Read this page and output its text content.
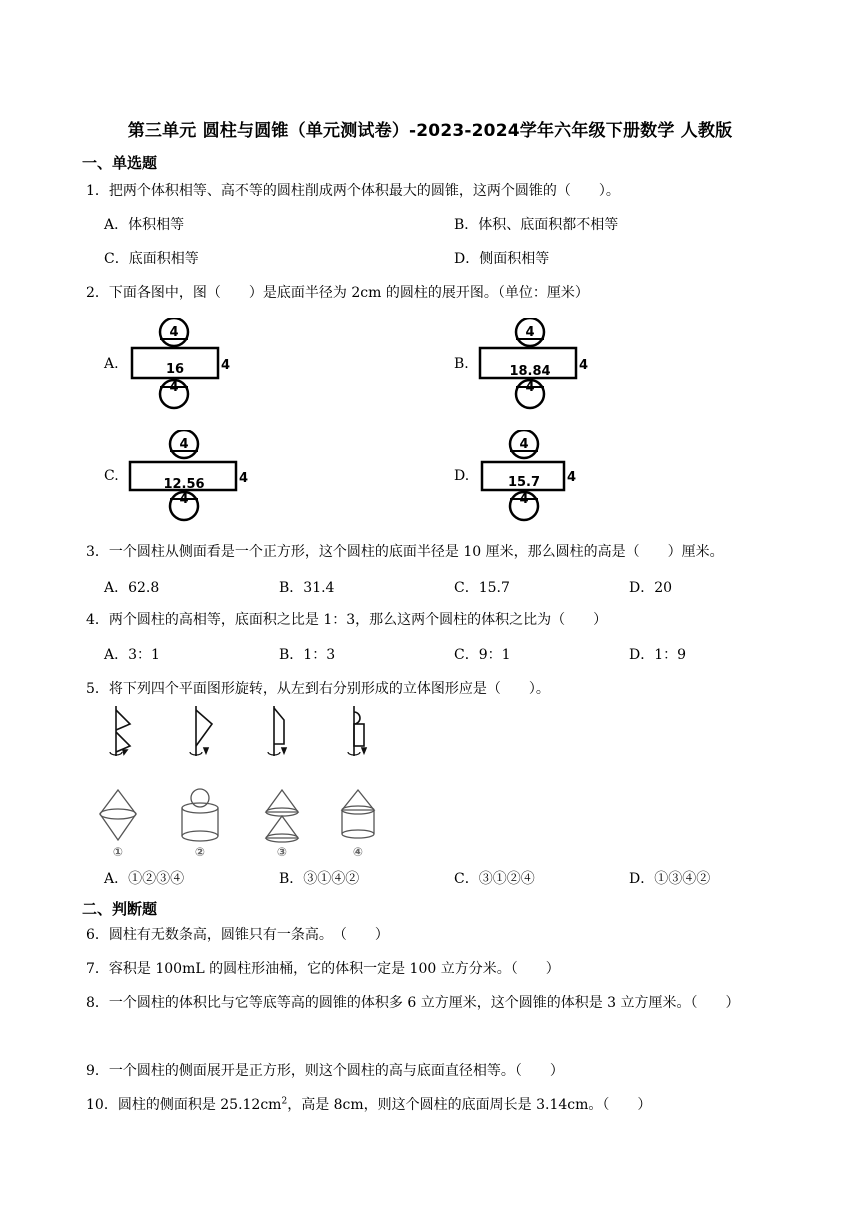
第三单元 圆柱与圆锥（单元测试卷）-2023-2024学年六年级下册数学 人教版
一、单选题
1．把两个体积相等、高不等的圆柱削成两个体积最大的圆锥，这两个圆锥的（　　）。
A．体积相等	B．体积、底面积都不相等
C．底面积相等	D．侧面积相等
2．下面各图中，图（　　）是底面半径为 2cm 的圆柱的展开图。（单位：厘米）
A.
4
16	4
4
B.
4
18.84 4
4
C.
4
12.56	4
4
D.
4
15.7 4
4
3．一个圆柱从侧面看是一个正方形，这个圆柱的底面半径是 10 厘米，那么圆柱的高是（　　）厘米。
A．62.8	B．31.4	C．15.7	D．20
4．两个圆柱的高相等，底面积之比是 1：3，那么这两个圆柱的体积之比为（　　）
A．3：1	B．1：3	C．9：1	D．1：9
5．将下列四个平面图形旋转，从左到右分别形成的立体图形应是（　　）。
①	②	③	④
A．①②③④	B．③①④②	C．③①②④	D．①③④②
二、判断题
6．圆柱有无数条高，圆锥只有一条高。　（　　）
7．容积是 100mL 的圆柱形油桶，它的体积一定是 100 立方分米。（　　）
8．一个圆柱的体积比与它等底等高的圆锥的体积多 6 立方厘米，这个圆锥的体积是 3 立方厘米。（　　）
9．一个圆柱的侧面展开是正方形，则这个圆柱的高与底面直径相等。（　　）
10．圆柱的侧面积是 $25.12cm^2$，高是 8cm，则这个圆柱的底面周长是 3.14cm。（　　）
